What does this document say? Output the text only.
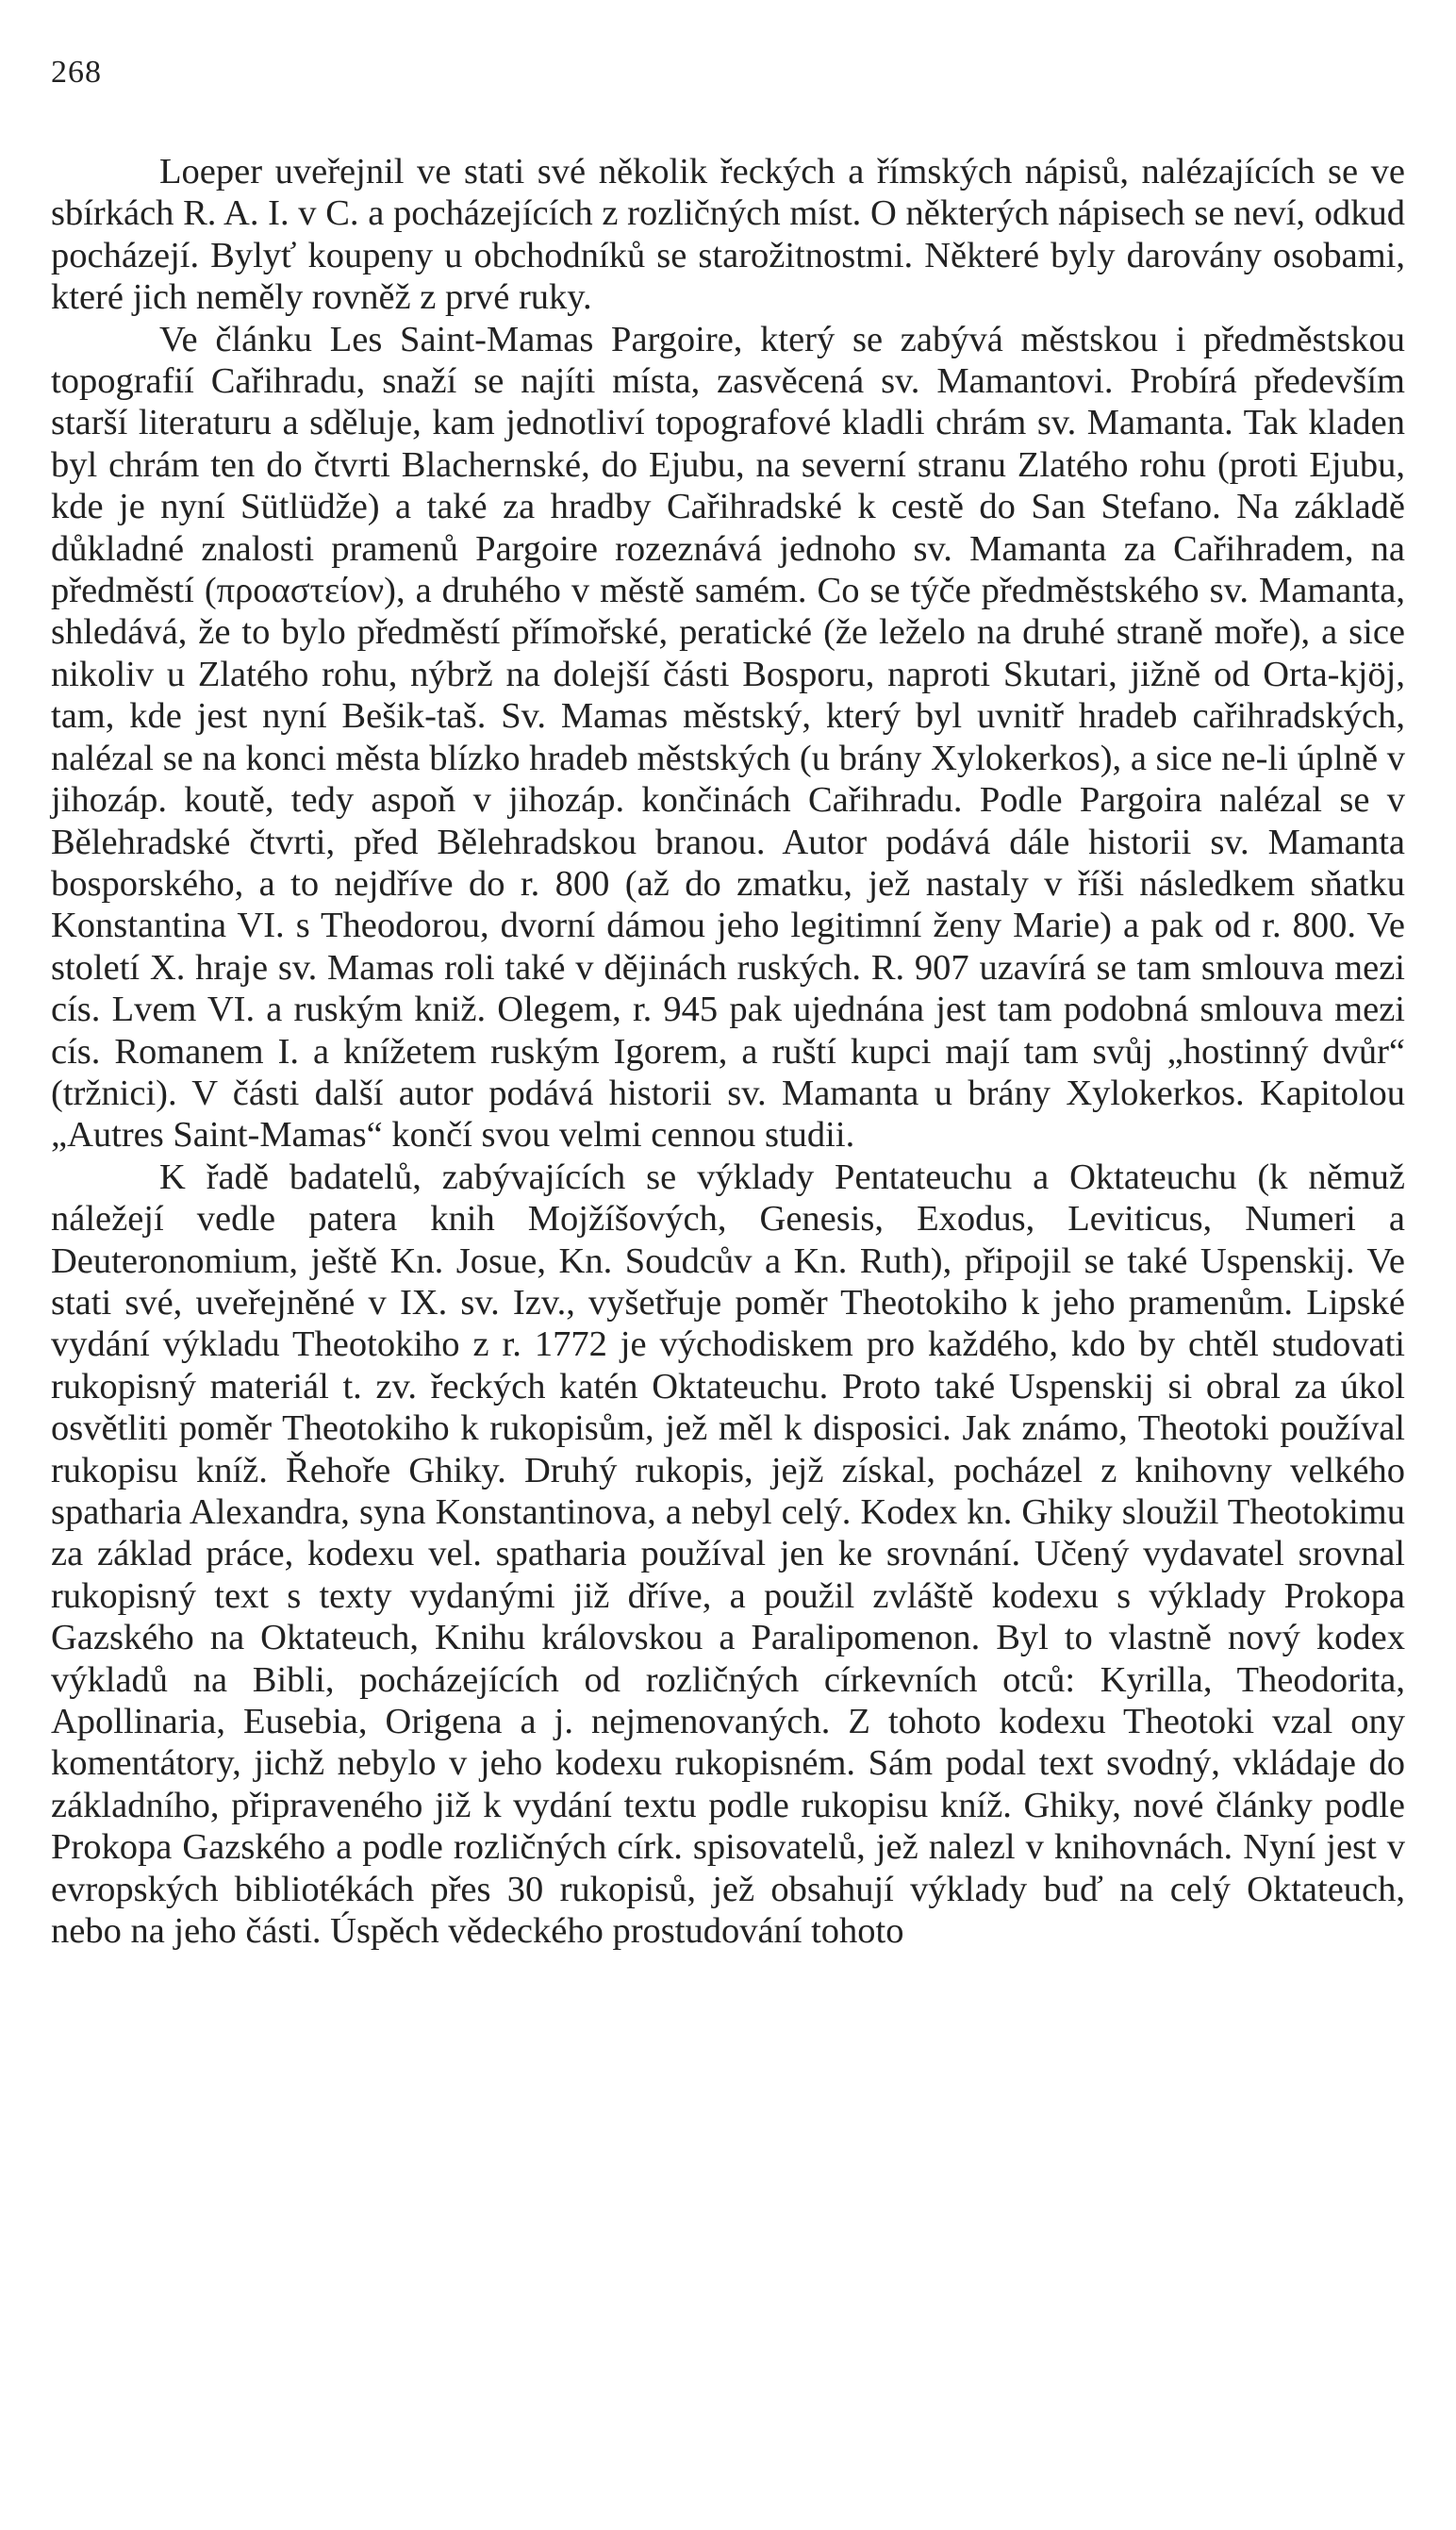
268

Loeper uveřejnil ve stati své několik řeckých a římských nápisů, nalézajících se ve sbírkách R. A. I. v C. a pocházejících z rozličných míst. O některých nápisech se neví, odkud pocházejí. Bylyť koupeny u obchodníků se starožitnostmi. Některé byly darovány osobami, které jich neměly rovněž z prvé ruky.

Ve článku Les Saint-Mamas Pargoire, který se zabývá městskou i předměstskou topografií Cařihradu, snaží se najíti místa, zasvěcená sv. Mamantovi. Probírá především starší literaturu a sděluje, kam jednotliví topografové kladli chrám sv. Mamanta. Tak kladen byl chrám ten do čtvrti Blachernské, do Ejubu, na severní stranu Zlatého rohu (proti Ejubu, kde je nyní Sütlüdže) a také za hradby Cařihradské k cestě do San Stefano. Na základě důkladné znalosti pramenů Pargoire rozeznává jednoho sv. Mamanta za Cařihradem, na předměstí (προαστείον), a druhého v městě samém. Co se týče předměstského sv. Mamanta, shledává, že to bylo předměstí přímořské, peratické (že leželo na druhé straně moře), a sice nikoliv u Zlatého rohu, nýbrž na dolejší části Bosporu, naproti Skutari, jižně od Orta-kjöj, tam, kde jest nyní Bešik-taš. Sv. Mamas městský, který byl uvnitř hradeb cařihradských, nalézal se na konci města blízko hradeb městských (u brány Xylokerkos), a sice ne-li úplně v jihozáp. koutě, tedy aspoň v jihozáp. končinách Cařihradu. Podle Pargoira nalézal se v Bělehradské čtvrti, před Bělehradskou branou. Autor podává dále historii sv. Mamanta bosporského, a to nejdříve do r. 800 (až do zmatku, jež nastaly v říši následkem sňatku Konstantina VI. s Theodorou, dvorní dámou jeho legitimní ženy Marie) a pak od r. 800. Ve století X. hraje sv. Mamas roli také v dějinách ruských. R. 907 uzavírá se tam smlouva mezi cís. Lvem VI. a ruským kniž. Olegem, r. 945 pak ujednána jest tam podobná smlouva mezi cís. Romanem I. a knížetem ruským Igorem, a ruští kupci mají tam svůj „hostinný dvůr“ (tržnici). V části další autor podává historii sv. Mamanta u brány Xylokerkos. Kapitolou „Autres Saint-Mamas“ končí svou velmi cennou studii.

K řadě badatelů, zabývajících se výklady Pentateuchu a Oktateuchu (k němuž náležejí vedle patera knih Mojžíšových, Genesis, Exodus, Leviticus, Numeri a Deuteronomium, ještě Kn. Josue, Kn. Soudcův a Kn. Ruth), připojil se také Uspenskij. Ve stati své, uveřejněné v IX. sv. Izv., vyšetřuje poměr Theotokiho k jeho pramenům. Lipské vydání výkladu Theotokiho z r. 1772 je východiskem pro každého, kdo by chtěl studovati rukopisný materiál t. zv. řeckých katén Oktateuchu. Proto také Uspenskij si obral za úkol osvětliti poměr Theotokiho k rukopisům, jež měl k disposici. Jak známo, Theotoki používal rukopisu kníž. Řehoře Ghiky. Druhý rukopis, jejž získal, pocházel z knihovny velkého spatharia Alexandra, syna Konstantinova, a nebyl celý. Kodex kn. Ghiky sloužil Theotokimu za základ práce, kodexu vel. spatharia používal jen ke srovnání. Učený vydavatel srovnal rukopisný text s texty vydanými již dříve, a použil zvláště kodexu s výklady Prokopa Gazského na Oktateuch, Knihu královskou a Paralipomenon. Byl to vlastně nový kodex výkladů na Bibli, pocházejících od rozličných církevních otců: Kyrilla, Theodorita, Apollinaria, Eusebia, Origena a j. nejmenovaných. Z tohoto kodexu Theotoki vzal ony komentátory, jichž nebylo v jeho kodexu rukopisném. Sám podal text svodný, vkládaje do základního, připraveného již k vydání textu podle rukopisu kníž. Ghiky, nové články podle Prokopa Gazského a podle rozličných círk. spisovatelů, jež nalezl v knihovnách. Nyní jest v evropských bibliotékách přes 30 rukopisů, jež obsahují výklady buď na celý Oktateuch, nebo na jeho části. Úspěch vědeckého prostudování tohoto
